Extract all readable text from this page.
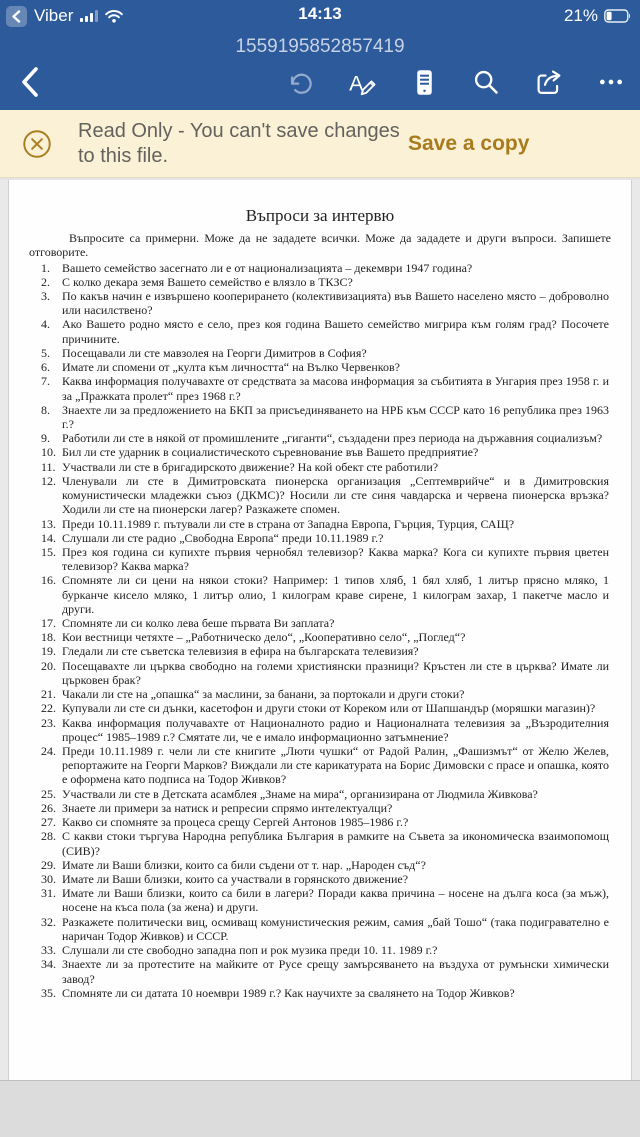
Viber	14:13	21%
1559195852857419
A
Read Only - You can't save changes to this file.
Save a copy
Въпроси за интервю

Въпросите са примерни. Може да не зададете всички. Може да зададете и други въпроси. Запишете отговорите.

1. Вашето семейство засегнато ли е от национализацията – декември 1947 година?
2. С колко декара земя Вашето семейство е влязло в ТКЗС?
3. По какъв начин е извършено кооперирането (колективизацията) във Вашето населено място – доброволно или насилствено?
4. Ако Вашето родно място е село, през коя година Вашето семейство мигрира към голям град? Посочете причините.
5. Посещавали ли сте мавзолея на Георги Димитров в София?
6. Имате ли спомени от „култа към личността“ на Вълко Червенков?
7. Каква информация получавахте от средствата за масова информация за събитията в Унгария през 1958 г. и за „Пражката пролет“ през 1968 г.?
8. Знаехте ли за предложението на БКП за присъединяването на НРБ към СССР като 16 република през 1963 г.?
9. Работили ли сте в някой от промишлените „гиганти“, създадени през периода на държавния социализъм?
10. Бил ли сте ударник в социалистическото съревнование във Вашето предприятие?
11. Участвали ли сте в бригадирското движение? На кой обект сте работили?
12. Членували ли сте в Димитровската пионерска организация „Септемврийче“ и в Димитровския комунистически младежки съюз (ДКМС)? Носили ли сте синя чавдарска и червена пионерска връзка? Ходили ли сте на пионерски лагер? Разкажете спомен.
13. Преди 10.11.1989 г. пътували ли сте в страна от Западна Европа, Гърция, Турция, САЩ?
14. Слушали ли сте радио „Свободна Европа“ преди 10.11.1989 г.?
15. През коя година си купихте първия чернобял телевизор? Каква марка? Кога си купихте първия цветен телевизор? Каква марка?
16. Спомняте ли си цени на някои стоки? Например: 1 типов хляб, 1 бял хляб, 1 литър прясно мляко, 1 бурканче кисело мляко, 1 литър олио, 1 килограм краве сирене, 1 килограм захар, 1 пакетче масло и други.
17. Спомняте ли си колко лева беше първата Ви заплата?
18. Кои вестници четяхте – „Работническо дело“, „Кооперативно село“, „Поглед“?
19. Гледали ли сте съветска телевизия в ефира на българската телевизия?
20. Посещавахте ли църква свободно на големи християнски празници? Кръстен ли сте в църква? Имате ли църковен брак?
21. Чакали ли сте на „опашка“ за маслини, за банани, за портокали и други стоки?
22. Купували ли сте си дънки, касетофон и други стоки от Кореком или от Шапшандър (моряшки магазин)?
23. Каква информация получавахте от Националното радио и Националната телевизия за „Възродителния процес“ 1985–1989 г.? Смятате ли, че е имало информационно затъмнение?
24. Преди 10.11.1989 г. чели ли сте книгите „Люти чушки“ от Радой Ралин, „Фашизмът“ от Желю Желев, репортажите на Георги Марков? Виждали ли сте карикатурата на Борис Димовски с прасе и опашка, която е оформена като подписа на Тодор Живков?
25. Участвали ли сте в Детската асамблея „Знаме на мира“, организирана от Людмила Живкова?
26. Знаете ли примери за натиск и репресии спрямо интелектуалци?
27. Какво си спомняте за процеса срещу Сергей Антонов 1985–1986 г.?
28. С какви стоки търгува Народна република България в рамките на Съвета за икономическа взаимопомощ (СИВ)?
29. Имате ли Ваши близки, които са били съдени от т. нар. „Народен съд“?
30. Имате ли Ваши близки, които са участвали в горянското движение?
31. Имате ли Ваши близки, които са били в лагери? Поради каква причина – носене на дълга коса (за мъж), носене на къса пола (за жена) и други.
32. Разкажете политически виц, осмиващ комунистическия режим, самия „бай Тошо“ (така подигравателно е наричан Тодор Живков) и СССР.
33. Слушали ли сте свободно западна поп и рок музика преди 10. 11. 1989 г.?
34. Знаехте ли за протестите на майките от Русе срещу замърсяването на въздуха от румънски химически завод?
35. Спомняте ли си датата 10 ноември 1989 г.? Как научихте за свалянето на Тодор Живков?
